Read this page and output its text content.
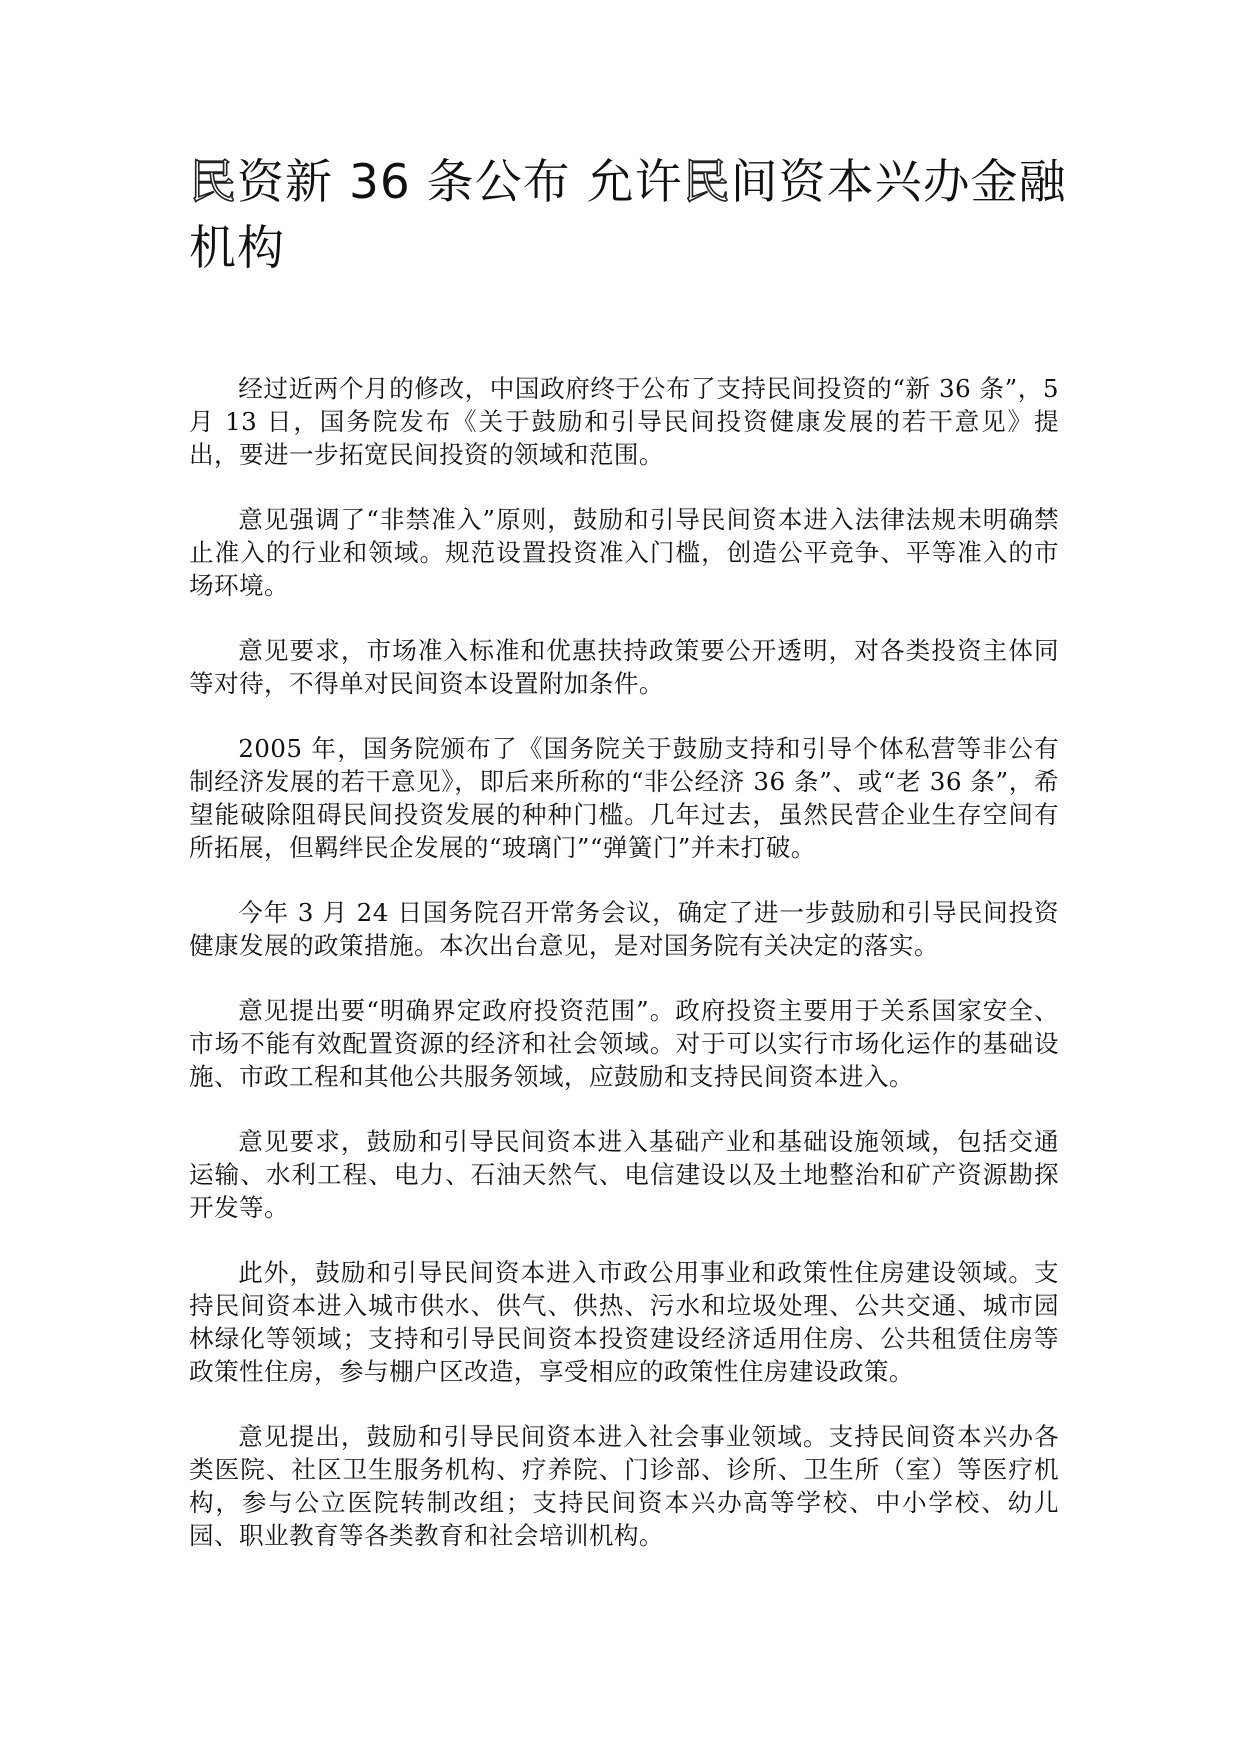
民资新 36 条公布 允许民间资本兴办金融机构

经过近两个月的修改，中国政府终于公布了支持民间投资的“新 36 条”，5 月 13 日，国务院发布《关于鼓励和引导民间投资健康发展的若干意见》提出，要进一步拓宽民间投资的领域和范围。

意见强调了“非禁准入”原则，鼓励和引导民间资本进入法律法规未明确禁止准入的行业和领域。规范设置投资准入门槛，创造公平竞争、平等准入的市场环境。

意见要求，市场准入标准和优惠扶持政策要公开透明，对各类投资主体同等对待，不得单对民间资本设置附加条件。

2005 年，国务院颁布了《国务院关于鼓励支持和引导个体私营等非公有制经济发展的若干意见》，即后来所称的“非公经济 36 条”、或“老 36 条”，希望能破除阻碍民间投资发展的种种门槛。几年过去，虽然民营企业生存空间有所拓展，但羁绊民企发展的“玻璃门”“弹簧门”并未打破。

今年 3 月 24 日国务院召开常务会议，确定了进一步鼓励和引导民间投资健康发展的政策措施。本次出台意见，是对国务院有关决定的落实。

意见提出要“明确界定政府投资范围”。政府投资主要用于关系国家安全、市场不能有效配置资源的经济和社会领域。对于可以实行市场化运作的基础设施、市政工程和其他公共服务领域，应鼓励和支持民间资本进入。

意见要求，鼓励和引导民间资本进入基础产业和基础设施领域，包括交通运输、水利工程、电力、石油天然气、电信建设以及土地整治和矿产资源勘探开发等。

此外，鼓励和引导民间资本进入市政公用事业和政策性住房建设领域。支持民间资本进入城市供水、供气、供热、污水和垃圾处理、公共交通、城市园林绿化等领域；支持和引导民间资本投资建设经济适用住房、公共租赁住房等政策性住房，参与棚户区改造，享受相应的政策性住房建设政策。

意见提出，鼓励和引导民间资本进入社会事业领域。支持民间资本兴办各类医院、社区卫生服务机构、疗养院、门诊部、诊所、卫生所（室）等医疗机构，参与公立医院转制改组；支持民间资本兴办高等学校、中小学校、幼儿园、职业教育等各类教育和社会培训机构。
